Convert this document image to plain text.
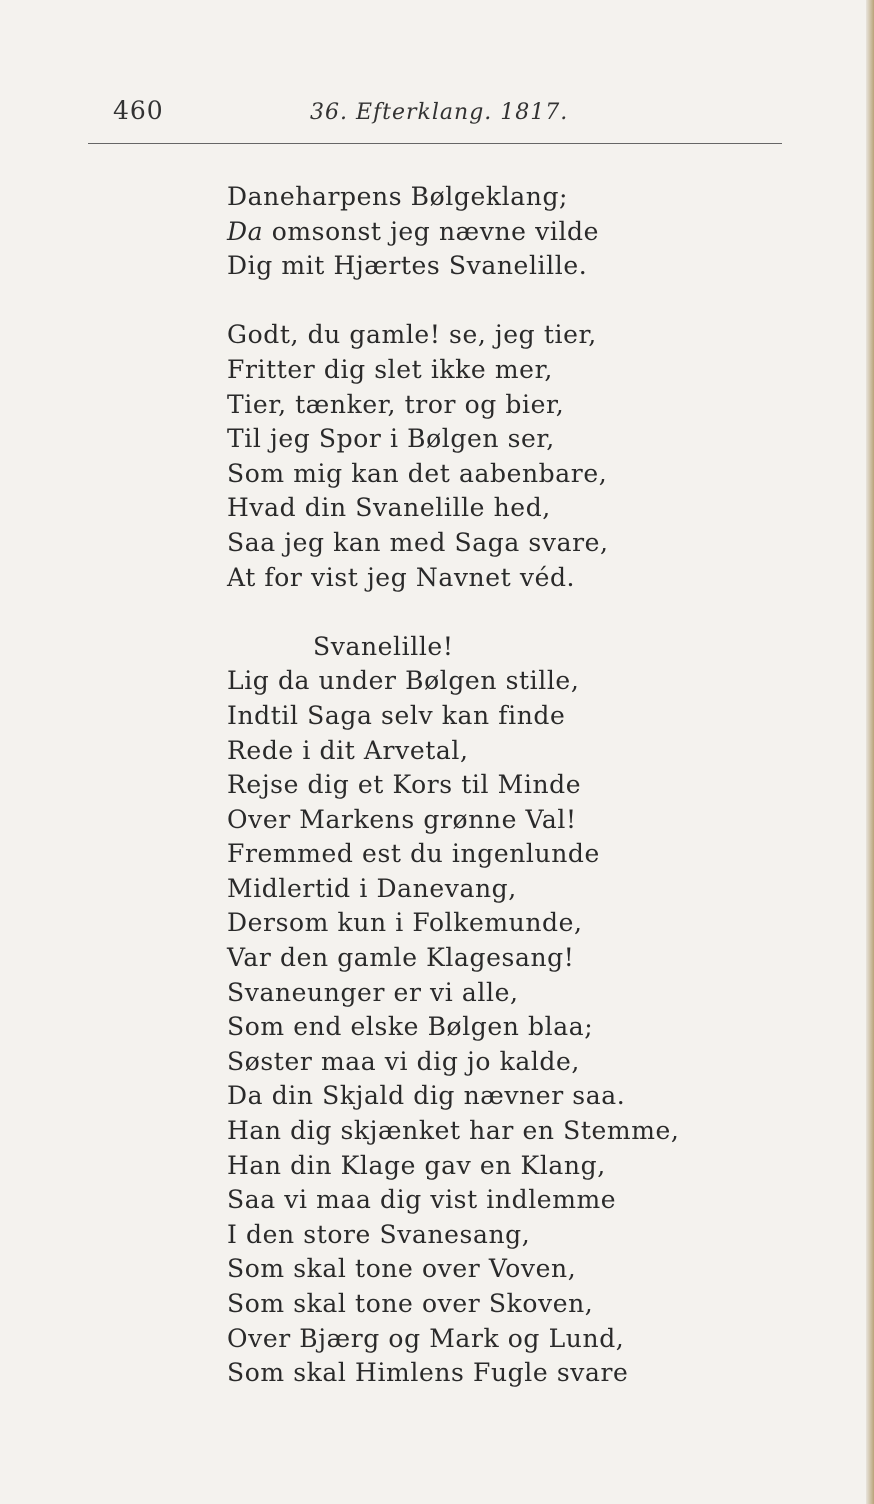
460	36. Efterklang. 1817.
Daneharpens Bølgeklang;
Da omsonst jeg nævne vilde
Dig mit Hjærtes Svanelille.
Godt, du gamle! se, jeg tier,
Fritter dig slet ikke mer,
Tier, tænker, tror og bier,
Til jeg Spor i Bølgen ser,
Som mig kan det aabenbare,
Hvad din Svanelille hed,
Saa jeg kan med Saga svare,
At for vist jeg Navnet véd.
Svanelille!
Lig da under Bølgen stille,
Indtil Saga selv kan finde
Rede i dit Arvetal,
Rejse dig et Kors til Minde
Over Markens grønne Val!
Fremmed est du ingenlunde
Midlertid i Danevang,
Dersom kun i Folkemunde,
Var den gamle Klagesang!
Svaneunger er vi alle,
Som end elske Bølgen blaa;
Søster maa vi dig jo kalde,
Da din Skjald dig nævner saa.
Han dig skjænket har en Stemme,
Han din Klage gav en Klang,
Saa vi maa dig vist indlemme
I den store Svanesang,
Som skal tone over Voven,
Som skal tone over Skoven,
Over Bjærg og Mark og Lund,
Som skal Himlens Fugle svare
